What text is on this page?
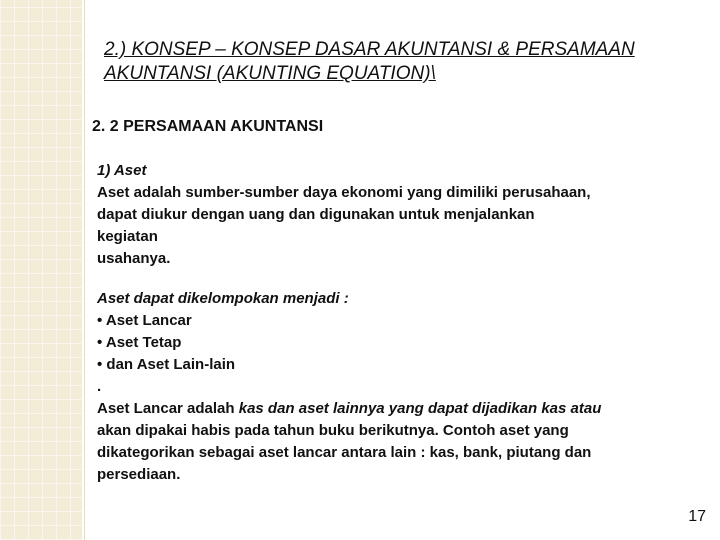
2.) KONSEP – KONSEP DASAR AKUNTANSI & PERSAMAAN AKUNTANSI (AKUNTING EQUATION)\
2. 2 PERSAMAAN AKUNTANSI

1) Aset

Aset adalah sumber-sumber daya ekonomi yang dimiliki perusahaan,

dapat diukur dengan uang dan digunakan untuk menjalankan

kegiatan

usahanya.

Aset dapat dikelompokan menjadi :

• Aset Lancar

• Aset Tetap

• dan Aset Lain-lain

.

Aset Lancar adalah kas dan aset lainnya yang dapat dijadikan kas atau

akan dipakai habis pada tahun buku berikutnya. Contoh aset yang

dikategorikan sebagai aset lancar antara lain : kas, bank, piutang dan

persediaan.

17
